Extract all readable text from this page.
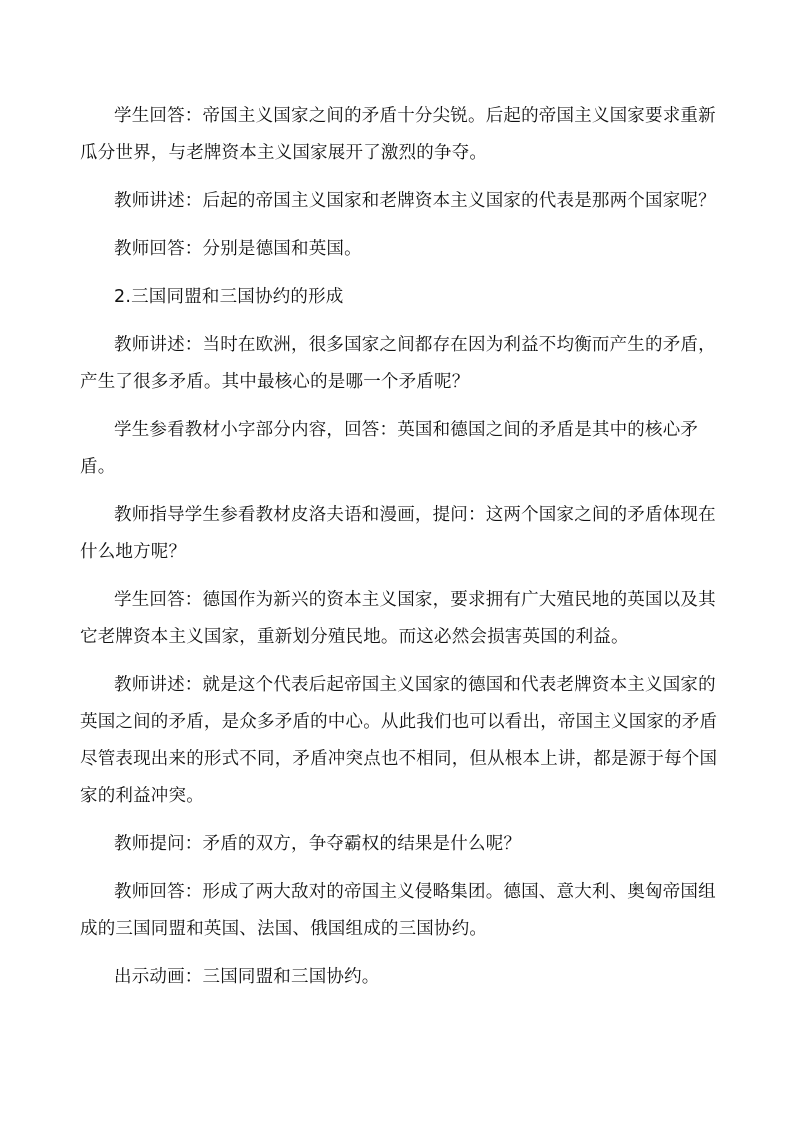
学生回答：帝国主义国家之间的矛盾十分尖锐。后起的帝国主义国家要求重新瓜分世界，与老牌资本主义国家展开了激烈的争夺。

教师讲述：后起的帝国主义国家和老牌资本主义国家的代表是那两个国家呢？

教师回答：分别是德国和英国。

2.三国同盟和三国协约的形成

教师讲述：当时在欧洲，很多国家之间都存在因为利益不均衡而产生的矛盾，产生了很多矛盾。其中最核心的是哪一个矛盾呢？

学生参看教材小字部分内容，回答：英国和德国之间的矛盾是其中的核心矛盾。

教师指导学生参看教材皮洛夫语和漫画，提问：这两个国家之间的矛盾体现在什么地方呢？

学生回答：德国作为新兴的资本主义国家，要求拥有广大殖民地的英国以及其它老牌资本主义国家，重新划分殖民地。而这必然会损害英国的利益。

教师讲述：就是这个代表后起帝国主义国家的德国和代表老牌资本主义国家的英国之间的矛盾，是众多矛盾的中心。从此我们也可以看出，帝国主义国家的矛盾尽管表现出来的形式不同，矛盾冲突点也不相同，但从根本上讲，都是源于每个国家的利益冲突。

教师提问：矛盾的双方，争夺霸权的结果是什么呢？

教师回答：形成了两大敌对的帝国主义侵略集团。德国、意大利、奥匈帝国组成的三国同盟和英国、法国、俄国组成的三国协约。

出示动画：三国同盟和三国协约。
